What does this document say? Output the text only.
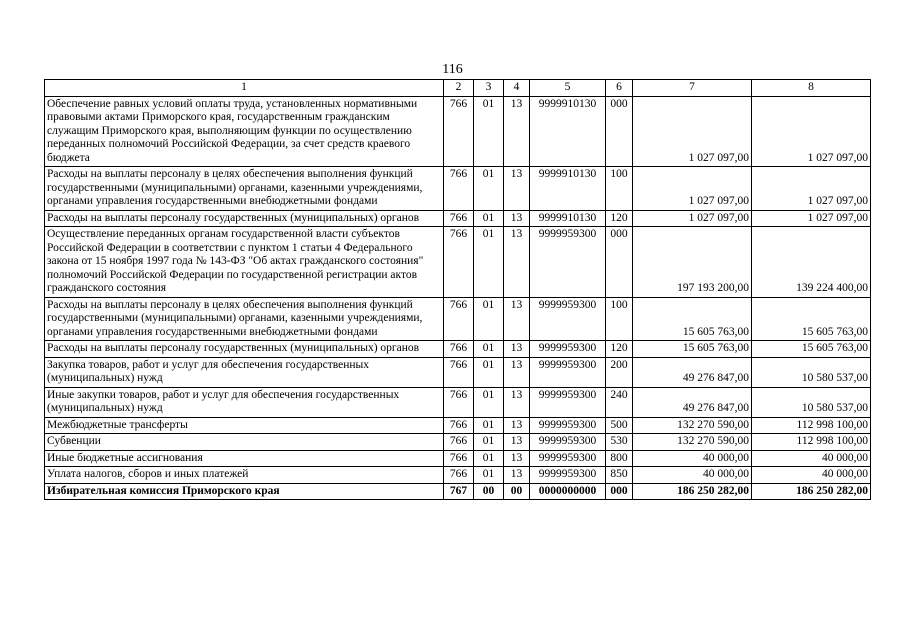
116
1	2	3	4	5	6	7	8
Обеспечение равных условий оплаты труда, установленных нормативными правовыми актами Приморского края, государственным гражданским служащим Приморского края, выполняющим функции по осуществлению переданных полномочий Российской Федерации, за счет средств краевого бюджета	766	01	13	9999910130	000	1 027 097,00	1 027 097,00
Расходы на выплаты персоналу в целях обеспечения выполнения функций государственными (муниципальными) органами, казенными учреждениями, органами управления государственными внебюджетными фондами	766	01	13	9999910130	100	1 027 097,00	1 027 097,00
Расходы на выплаты персоналу государственных (муниципальных) органов	766	01	13	9999910130	120	1 027 097,00	1 027 097,00
Осуществление переданных органам государственной власти субъектов Российской Федерации в соответствии с пунктом 1 статьи 4 Федерального закона от 15 ноября 1997 года № 143-ФЗ "Об актах гражданского состояния" полномочий Российской Федерации по государственной регистрации актов гражданского состояния	766	01	13	9999959300	000	197 193 200,00	139 224 400,00
Расходы на выплаты персоналу в целях обеспечения выполнения функций государственными (муниципальными) органами, казенными учреждениями, органами управления государственными внебюджетными фондами	766	01	13	9999959300	100	15 605 763,00	15 605 763,00
Расходы на выплаты персоналу государственных (муниципальных) органов	766	01	13	9999959300	120	15 605 763,00	15 605 763,00
Закупка товаров, работ и услуг для обеспечения государственных (муниципальных) нужд	766	01	13	9999959300	200	49 276 847,00	10 580 537,00
Иные закупки товаров, работ и услуг для обеспечения государственных (муниципальных) нужд	766	01	13	9999959300	240	49 276 847,00	10 580 537,00
Межбюджетные трансферты	766	01	13	9999959300	500	132 270 590,00	112 998 100,00
Субвенции	766	01	13	9999959300	530	132 270 590,00	112 998 100,00
Иные бюджетные ассигнования	766	01	13	9999959300	800	40 000,00	40 000,00
Уплата налогов, сборов и иных платежей	766	01	13	9999959300	850	40 000,00	40 000,00
Избирательная комиссия Приморского края	767	00	00	0000000000	000	186 250 282,00	186 250 282,00
